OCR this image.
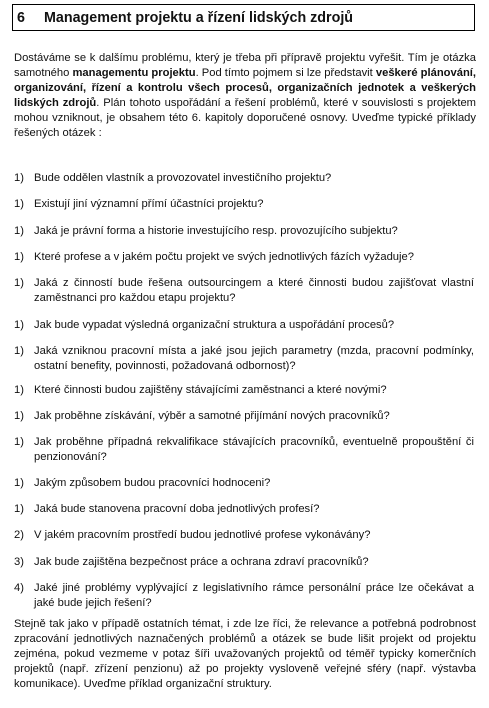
6	Management projektu a řízení lidských zdrojů

Dostáváme se k dalšímu problému, který je třeba při přípravě projektu vyřešit. Tím je otázka samotného managementu projektu. Pod tímto pojmem si lze představit veškeré plánování, organizování, řízení a kontrolu všech procesů, organizačních jednotek a veškerých lidských zdrojů. Plán tohoto uspořádání a řešení problémů, které v souvislosti s projektem mohou vzniknout, je obsahem této 6. kapitoly doporučené osnovy. Uveďme typické příklady řešených otázek :

1) Bude oddělen vlastník a provozovatel investičního projektu?
1) Existují jiní významní přímí účastníci projektu?
1) Jaká je právní forma a historie investujícího resp. provozujícího subjektu?
1) Které profese a v jakém počtu projekt ve svých jednotlivých fázích vyžaduje?
1) Jaká z činností bude řešena outsourcingem a které činnosti budou zajišťovat vlastní zaměstnanci pro každou etapu projektu?
1) Jak bude vypadat výsledná organizační struktura a uspořádání procesů?
1) Jaká vzniknou pracovní místa a jaké jsou jejich parametry (mzda, pracovní podmínky, ostatní benefity, povinnosti, požadovaná odbornost)?
1) Které činnosti budou zajištěny stávajícími zaměstnanci a které novými?
1) Jak proběhne získávání, výběr a samotné přijímání nových pracovníků?
1) Jak proběhne případná rekvalifikace stávajících pracovníků, eventuelně propouštění či penzionování?
1) Jakým způsobem budou pracovníci hodnoceni?
1) Jaká bude stanovena pracovní doba jednotlivých profesí?
2) V jakém pracovním prostředí budou jednotlivé profese vykonávány?
3) Jak bude zajištěna bezpečnost práce a ochrana zdraví pracovníků?
4) Jaké jiné problémy vyplývající z legislativního rámce personální práce lze očekávat a jaké bude jejich řešení?

Stejně tak jako v případě ostatních témat, i zde lze říci, že relevance a potřebná podrobnost zpracování jednotlivých naznačených problémů a otázek se bude lišit projekt od projektu zejména, pokud vezmeme v potaz šíři uvažovaných projektů od téměř typicky komerčních projektů (např. zřízení penzionu) až po projekty vysloveně veřejné sféry (např. výstavba komunikace). Uveďme příklad organizační struktury.
